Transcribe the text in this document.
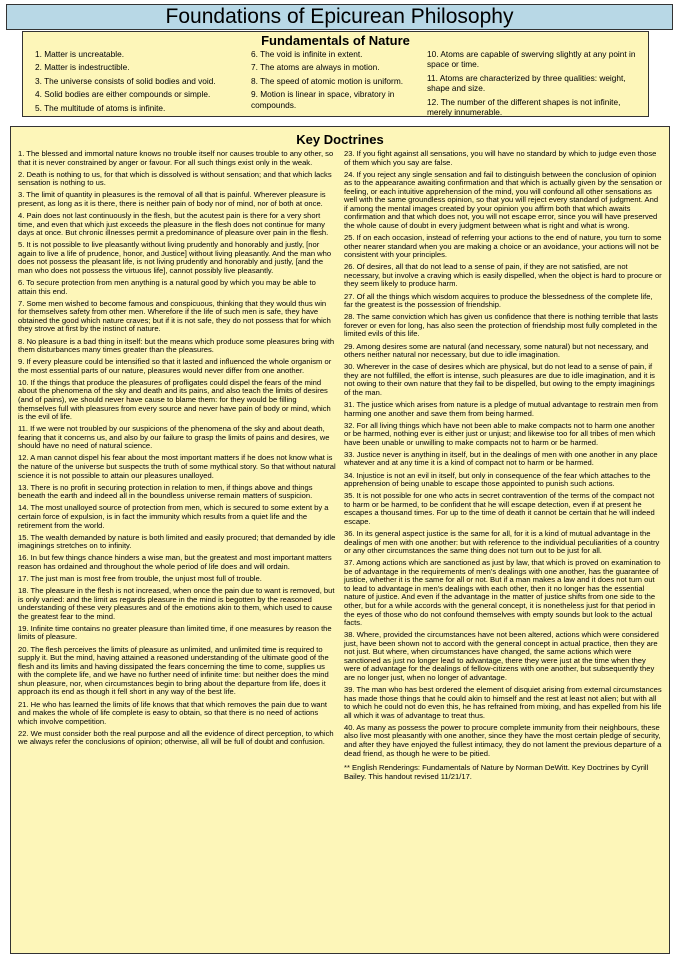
Foundations of Epicurean Philosophy
Fundamentals of Nature
1. Matter is uncreatable.
2. Matter is indestructible.
3. The universe consists of solid bodies and void.
4. Solid bodies are either compounds or simple.
5. The multitude of atoms is infinite.
6. The void is infinite in extent.
7. The atoms are always in motion.
8. The speed of atomic motion is uniform.
9. Motion is linear in space, vibratory in compounds.
10. Atoms are capable of swerving slightly at any point in space or time.
11. Atoms are characterized by three qualities: weight, shape and size.
12. The number of the different shapes is not infinite, merely innumerable.
Key Doctrines

1. The blessed and immortal nature knows no trouble itself nor causes trouble to any other, so that it is never constrained by anger or favour. For all such things exist only in the weak.

2. Death is nothing to us, for that which is dissolved is without sensation; and that which lacks sensation is nothing to us.

3. The limit of quantity in pleasures is the removal of all that is painful. Wherever pleasure is present, as long as it is there, there is neither pain of body nor of mind, nor of both at once.

4. Pain does not last continuously in the flesh, but the acutest pain is there for a very short time, and even that which just exceeds the pleasure in the flesh does not continue for many days at once. But chronic illnesses permit a predominance of pleasure over pain in the flesh.

5. It is not possible to live pleasantly without living prudently and honorably and justly, [nor again to live a life of prudence, honor, and Justice] without living pleasantly. And the man who does not possess the pleasant life, is not living prudently and honorably and justly, [and the man who does not possess the virtuous life], cannot possibly live pleasantly.

6. To secure protection from men anything is a natural good by which you may be able to attain this end.

7. Some men wished to become famous and conspicuous, thinking that they would thus win for themselves safety from other men. Wherefore if the life of such men is safe, they have obtained the good which nature craves; but if it is not safe, they do not possess that for which they strove at first by the instinct of nature.

8. No pleasure is a bad thing in itself: but the means which produce some pleasures bring with them disturbances many times greater than the pleasures.

9. If every pleasure could be intensified so that it lasted and influenced the whole organism or the most essential parts of our nature, pleasures would never differ from one another.

10. If the things that produce the pleasures of profligates could dispel the fears of the mind about the phenomena of the sky and death and its pains, and also teach the limits of desires (and of pains), we should never have cause to blame them: for they would be filling themselves full with pleasures from every source and never have pain of body or mind, which is the evil of life.

11. If we were not troubled by our suspicions of the phenomena of the sky and about death, fearing that it concerns us, and also by our failure to grasp the limits of pains and desires, we should have no need of natural science.

12. A man cannot dispel his fear about the most important matters if he does not know what is the nature of the universe but suspects the truth of some mythical story. So that without natural science it is not possible to attain our pleasures unalloyed.

13. There is no profit in securing protection in relation to men, if things above and things beneath the earth and indeed all in the boundless universe remain matters of suspicion.

14. The most unalloyed source of protection from men, which is secured to some extent by a certain force of expulsion, is in fact the immunity which results from a quiet life and the retirement from the world.

15. The wealth demanded by nature is both limited and easily procured; that demanded by idle imaginings stretches on to infinity.

16. In but few things chance hinders a wise man, but the greatest and most important matters reason has ordained and throughout the whole period of life does and will ordain.

17. The just man is most free from trouble, the unjust most full of trouble.

18. The pleasure in the flesh is not increased, when once the pain due to want is removed, but is only varied: and the limit as regards pleasure in the mind is begotten by the reasoned understanding of these very pleasures and of the emotions akin to them, which used to cause the greatest fear to the mind.

19. Infinite time contains no greater pleasure than limited time, if one measures by reason the limits of pleasure.

20. The flesh perceives the limits of pleasure as unlimited, and unlimited time is required to supply it. But the mind, having attained a reasoned understanding of the ultimate good of the flesh and its limits and having dissipated the fears concerning the time to come, supplies us with the complete life, and we have no further need of infinite time: but neither does the mind shun pleasure, nor, when circumstances begin to bring about the departure from life, does it approach its end as though it fell short in any way of the best life.

21. He who has learned the limits of life knows that that which removes the pain due to want and makes the whole of life complete is easy to obtain, so that there is no need of actions which involve competition.

22. We must consider both the real purpose and all the evidence of direct perception, to which we always refer the conclusions of opinion; otherwise, all will be full of doubt and confusion.

23. If you fight against all sensations, you will have no standard by which to judge even those of them which you say are false.

24. If you reject any single sensation and fail to distinguish between the conclusion of opinion as to the appearance awaiting confirmation and that which is actually given by the sensation or feeling, or each intuitive apprehension of the mind, you will confound all other sensations as well with the same groundless opinion, so that you will reject every standard of judgment. And if among the mental images created by your opinion you affirm both that which awaits confirmation and that which does not, you will not escape error, since you will have preserved the whole cause of doubt in every judgment between what is right and what is wrong.

25. If on each occasion, instead of referring your actions to the end of nature, you turn to some other nearer standard when you are making a choice or an avoidance, your actions will not be consistent with your principles.

26. Of desires, all that do not lead to a sense of pain, if they are not satisfied, are not necessary, but involve a craving which is easily dispelled, when the object is hard to procure or they seem likely to produce harm.

27. Of all the things which wisdom acquires to produce the blessedness of the complete life, far the greatest is the possession of friendship.

28. The same conviction which has given us confidence that there is nothing terrible that lasts forever or even for long, has also seen the protection of friendship most fully completed in the limited evils of this life.

29. Among desires some are natural (and necessary, some natural) but not necessary, and others neither natural nor necessary, but due to idle imagination.

30. Wherever in the case of desires which are physical, but do not lead to a sense of pain, if they are not fulfilled, the effort is intense, such pleasures are due to idle imagination, and it is not owing to their own nature that they fail to be dispelled, but owing to the empty imaginings of the man.

31. The justice which arises from nature is a pledge of mutual advantage to restrain men from harming one another and save them from being harmed.

32. For all living things which have not been able to make compacts not to harm one another or be harmed, nothing ever is either just or unjust; and likewise too for all tribes of men which have been unable or unwilling to make compacts not to harm or be harmed.

33. Justice never is anything in itself, but in the dealings of men with one another in any place whatever and at any time it is a kind of compact not to harm or be harmed.

34. Injustice is not an evil in itself, but only in consequence of the fear which attaches to the apprehension of being unable to escape those appointed to punish such actions.

35. It is not possible for one who acts in secret contravention of the terms of the compact not to harm or be harmed, to be confident that he will escape detection, even if at present he escapes a thousand times. For up to the time of death it cannot be certain that he will indeed escape.

36. In its general aspect justice is the same for all, for it is a kind of mutual advantage in the dealings of men with one another: but with reference to the individual peculiarities of a country or any other circumstances the same thing does not turn out to be just for all.

37. Among actions which are sanctioned as just by law, that which is proved on examination to be of advantage in the requirements of men's dealings with one another, has the guarantee of justice, whether it is the same for all or not. But if a man makes a law and it does not turn out to lead to advantage in men's dealings with each other, then it no longer has the essential nature of justice. And even if the advantage in the matter of justice shifts from one side to the other, but for a while accords with the general concept, it is nonetheless just for that period in the eyes of those who do not confound themselves with empty sounds but look to the actual facts.

38. Where, provided the circumstances have not been altered, actions which were considered just, have been shown not to accord with the general concept in actual practice, then they are not just. But where, when circumstances have changed, the same actions which were sanctioned as just no longer lead to advantage, there they were just at the time when they were of advantage for the dealings of fellow-citizens with one another, but subsequently they are no longer just, when no longer of advantage.

39. The man who has best ordered the element of disquiet arising from external circumstances has made those things that he could akin to himself and the rest at least not alien; but with all to which he could not do even this, he has refrained from mixing, and has expelled from his life all which it was of advantage to treat thus.

40. As many as possess the power to procure complete immunity from their neighbours, these also live most pleasantly with one another, since they have the most certain pledge of security, and after they have enjoyed the fullest intimacy, they do not lament the previous departure of a dead friend, as though he were to be pitied.

** English Renderings: Fundamentals of Nature by Norman DeWitt. Key Doctrines by Cyrill Bailey. This handout revised 11/21/17.
